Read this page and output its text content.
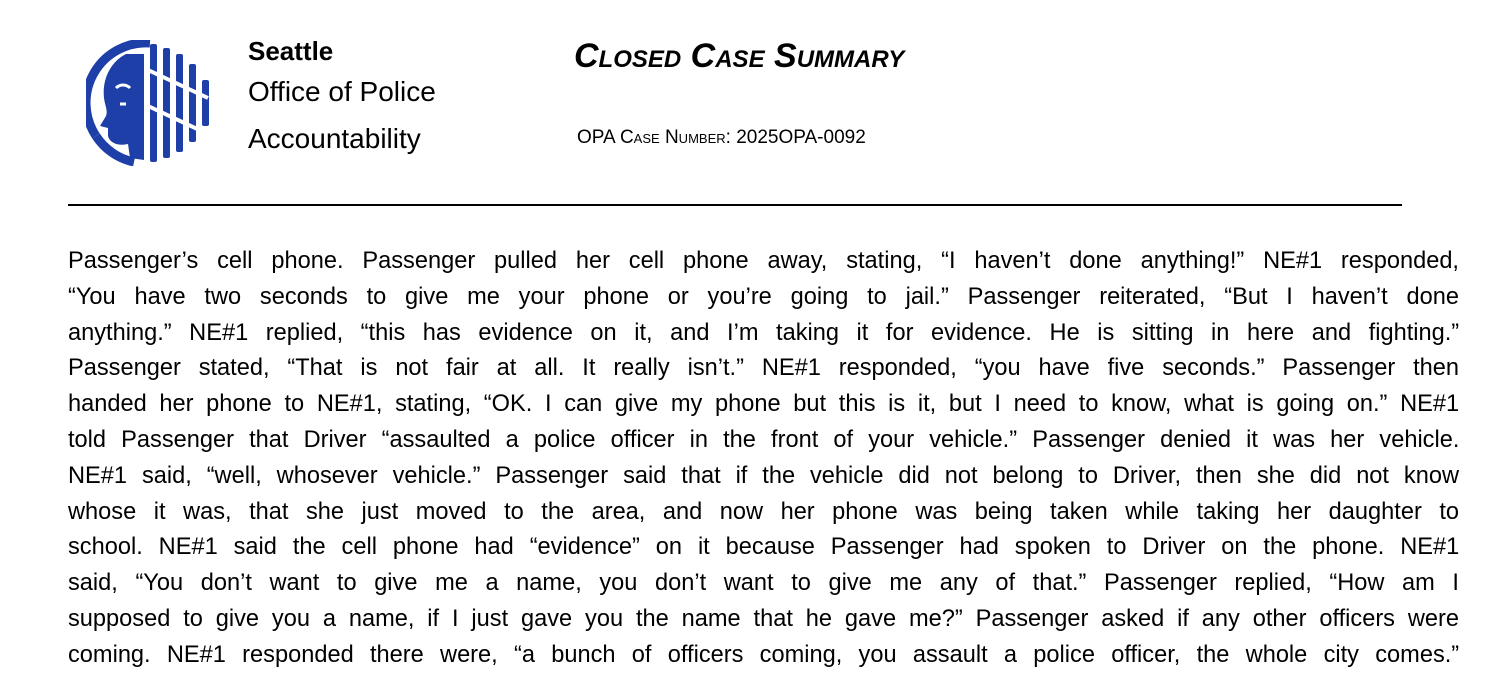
Seattle
Office of Police
Accountability
Closed Case Summary
OPA Case Number: 2025OPA-0092
Passenger’s cell phone. Passenger pulled her cell phone away, stating, “I haven’t done anything!” NE#1 responded,
“You have two seconds to give me your phone or you’re going to jail.” Passenger reiterated, “But I haven’t done
anything.” NE#1 replied, “this has evidence on it, and I’m taking it for evidence. He is sitting in here and fighting.”
Passenger stated, “That is not fair at all. It really isn’t.” NE#1 responded, “you have five seconds.” Passenger then
handed her phone to NE#1, stating, “OK. I can give my phone but this is it, but I need to know, what is going on.” NE#1
told Passenger that Driver “assaulted a police officer in the front of your vehicle.” Passenger denied it was her vehicle.
NE#1 said, “well, whosever vehicle.” Passenger said that if the vehicle did not belong to Driver, then she did not know
whose it was, that she just moved to the area, and now her phone was being taken while taking her daughter to
school. NE#1 said the cell phone had “evidence” on it because Passenger had spoken to Driver on the phone. NE#1
said, “You don’t want to give me a name, you don’t want to give me any of that.” Passenger replied, “How am I
supposed to give you a name, if I just gave you the name that he gave me?” Passenger asked if any other officers were
coming. NE#1 responded there were, “a bunch of officers coming, you assault a police officer, the whole city comes.”
